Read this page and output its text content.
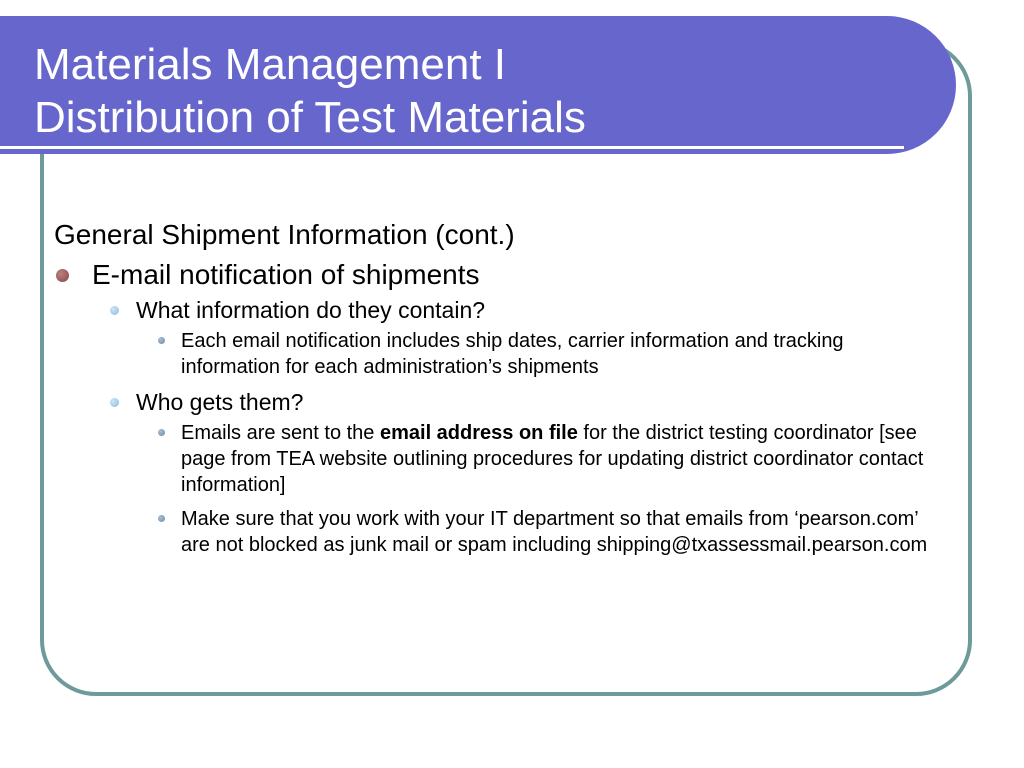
Materials Management I
Distribution of Test Materials
General Shipment Information (cont.)
E-mail notification of shipments
What information do they contain?
Each email notification includes ship dates, carrier information and tracking information for each administration’s shipments
Who gets them?
Emails are sent to the email address on file for the district testing coordinator [see page from TEA website outlining procedures for updating district coordinator contact information]
Make sure that you work with your IT department so that emails from ‘pearson.com’ are not blocked as junk mail or spam including shipping@txassessmail.pearson.com
